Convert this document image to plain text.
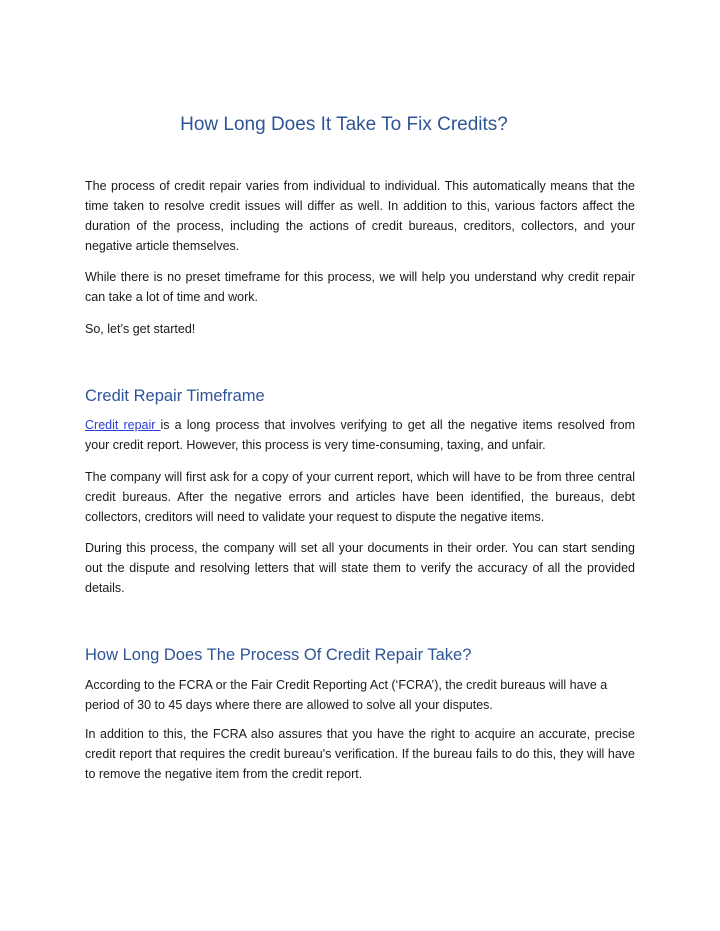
How Long Does It Take To Fix Credits?

The process of credit repair varies from individual to individual. This automatically means that the time taken to resolve credit issues will differ as well. In addition to this, various factors affect the duration of the process, including the actions of credit bureaus, creditors, collectors, and your negative article themselves.

While there is no preset timeframe for this process, we will help you understand why credit repair can take a lot of time and work.

So, let’s get started!

Credit Repair Timeframe

Credit repair is a long process that involves verifying to get all the negative items resolved from your credit report. However, this process is very time-consuming, taxing, and unfair.

The company will first ask for a copy of your current report, which will have to be from three central credit bureaus. After the negative errors and articles have been identified, the bureaus, debt collectors, creditors will need to validate your request to dispute the negative items.

During this process, the company will set all your documents in their order. You can start sending out the dispute and resolving letters that will state them to verify the accuracy of all the provided details.

How Long Does The Process Of Credit Repair Take?

According to the FCRA or the Fair Credit Reporting Act (‘FCRA’), the credit bureaus will have a period of 30 to 45 days where there are allowed to solve all your disputes.

In addition to this, the FCRA also assures that you have the right to acquire an accurate, precise credit report that requires the credit bureau's verification. If the bureau fails to do this, they will have to remove the negative item from the credit report.
